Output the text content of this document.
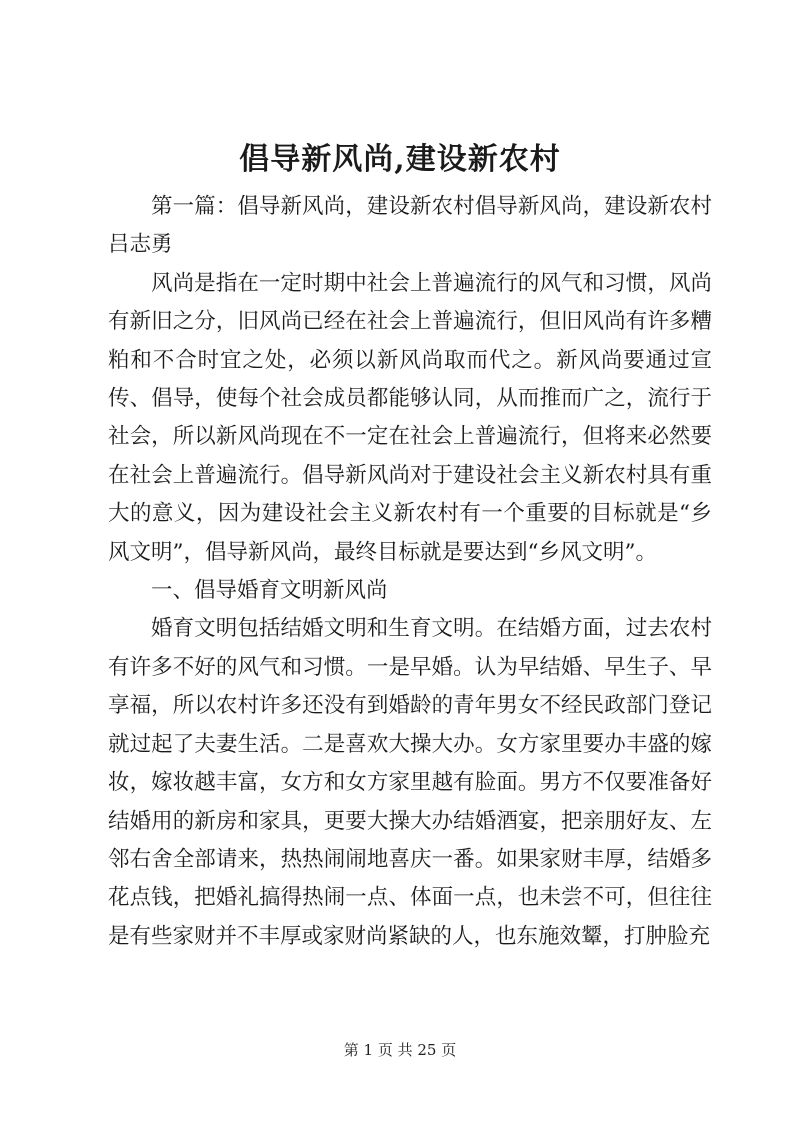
倡导新风尚,建设新农村

第一篇：倡导新风尚，建设新农村倡导新风尚，建设新农村吕志勇

风尚是指在一定时期中社会上普遍流行的风气和习惯，风尚有新旧之分，旧风尚已经在社会上普遍流行，但旧风尚有许多糟粕和不合时宜之处，必须以新风尚取而代之。新风尚要通过宣传、倡导，使每个社会成员都能够认同，从而推而广之，流行于社会，所以新风尚现在不一定在社会上普遍流行，但将来必然要在社会上普遍流行。倡导新风尚对于建设社会主义新农村具有重大的意义，因为建设社会主义新农村有一个重要的目标就是“乡风文明”，倡导新风尚，最终目标就是要达到“乡风文明”。

一、倡导婚育文明新风尚

婚育文明包括结婚文明和生育文明。在结婚方面，过去农村有许多不好的风气和习惯。一是早婚。认为早结婚、早生子、早享福，所以农村许多还没有到婚龄的青年男女不经民政部门登记就过起了夫妻生活。二是喜欢大操大办。女方家里要办丰盛的嫁妆，嫁妆越丰富，女方和女方家里越有脸面。男方不仅要准备好结婚用的新房和家具，更要大操大办结婚酒宴，把亲朋好友、左邻右舍全部请来，热热闹闹地喜庆一番。如果家财丰厚，结婚多花点钱，把婚礼搞得热闹一点、体面一点，也未尝不可，但往往是有些家财并不丰厚或家财尚紧缺的人，也东施效颦，打肿脸充

第 1 页 共 25 页
